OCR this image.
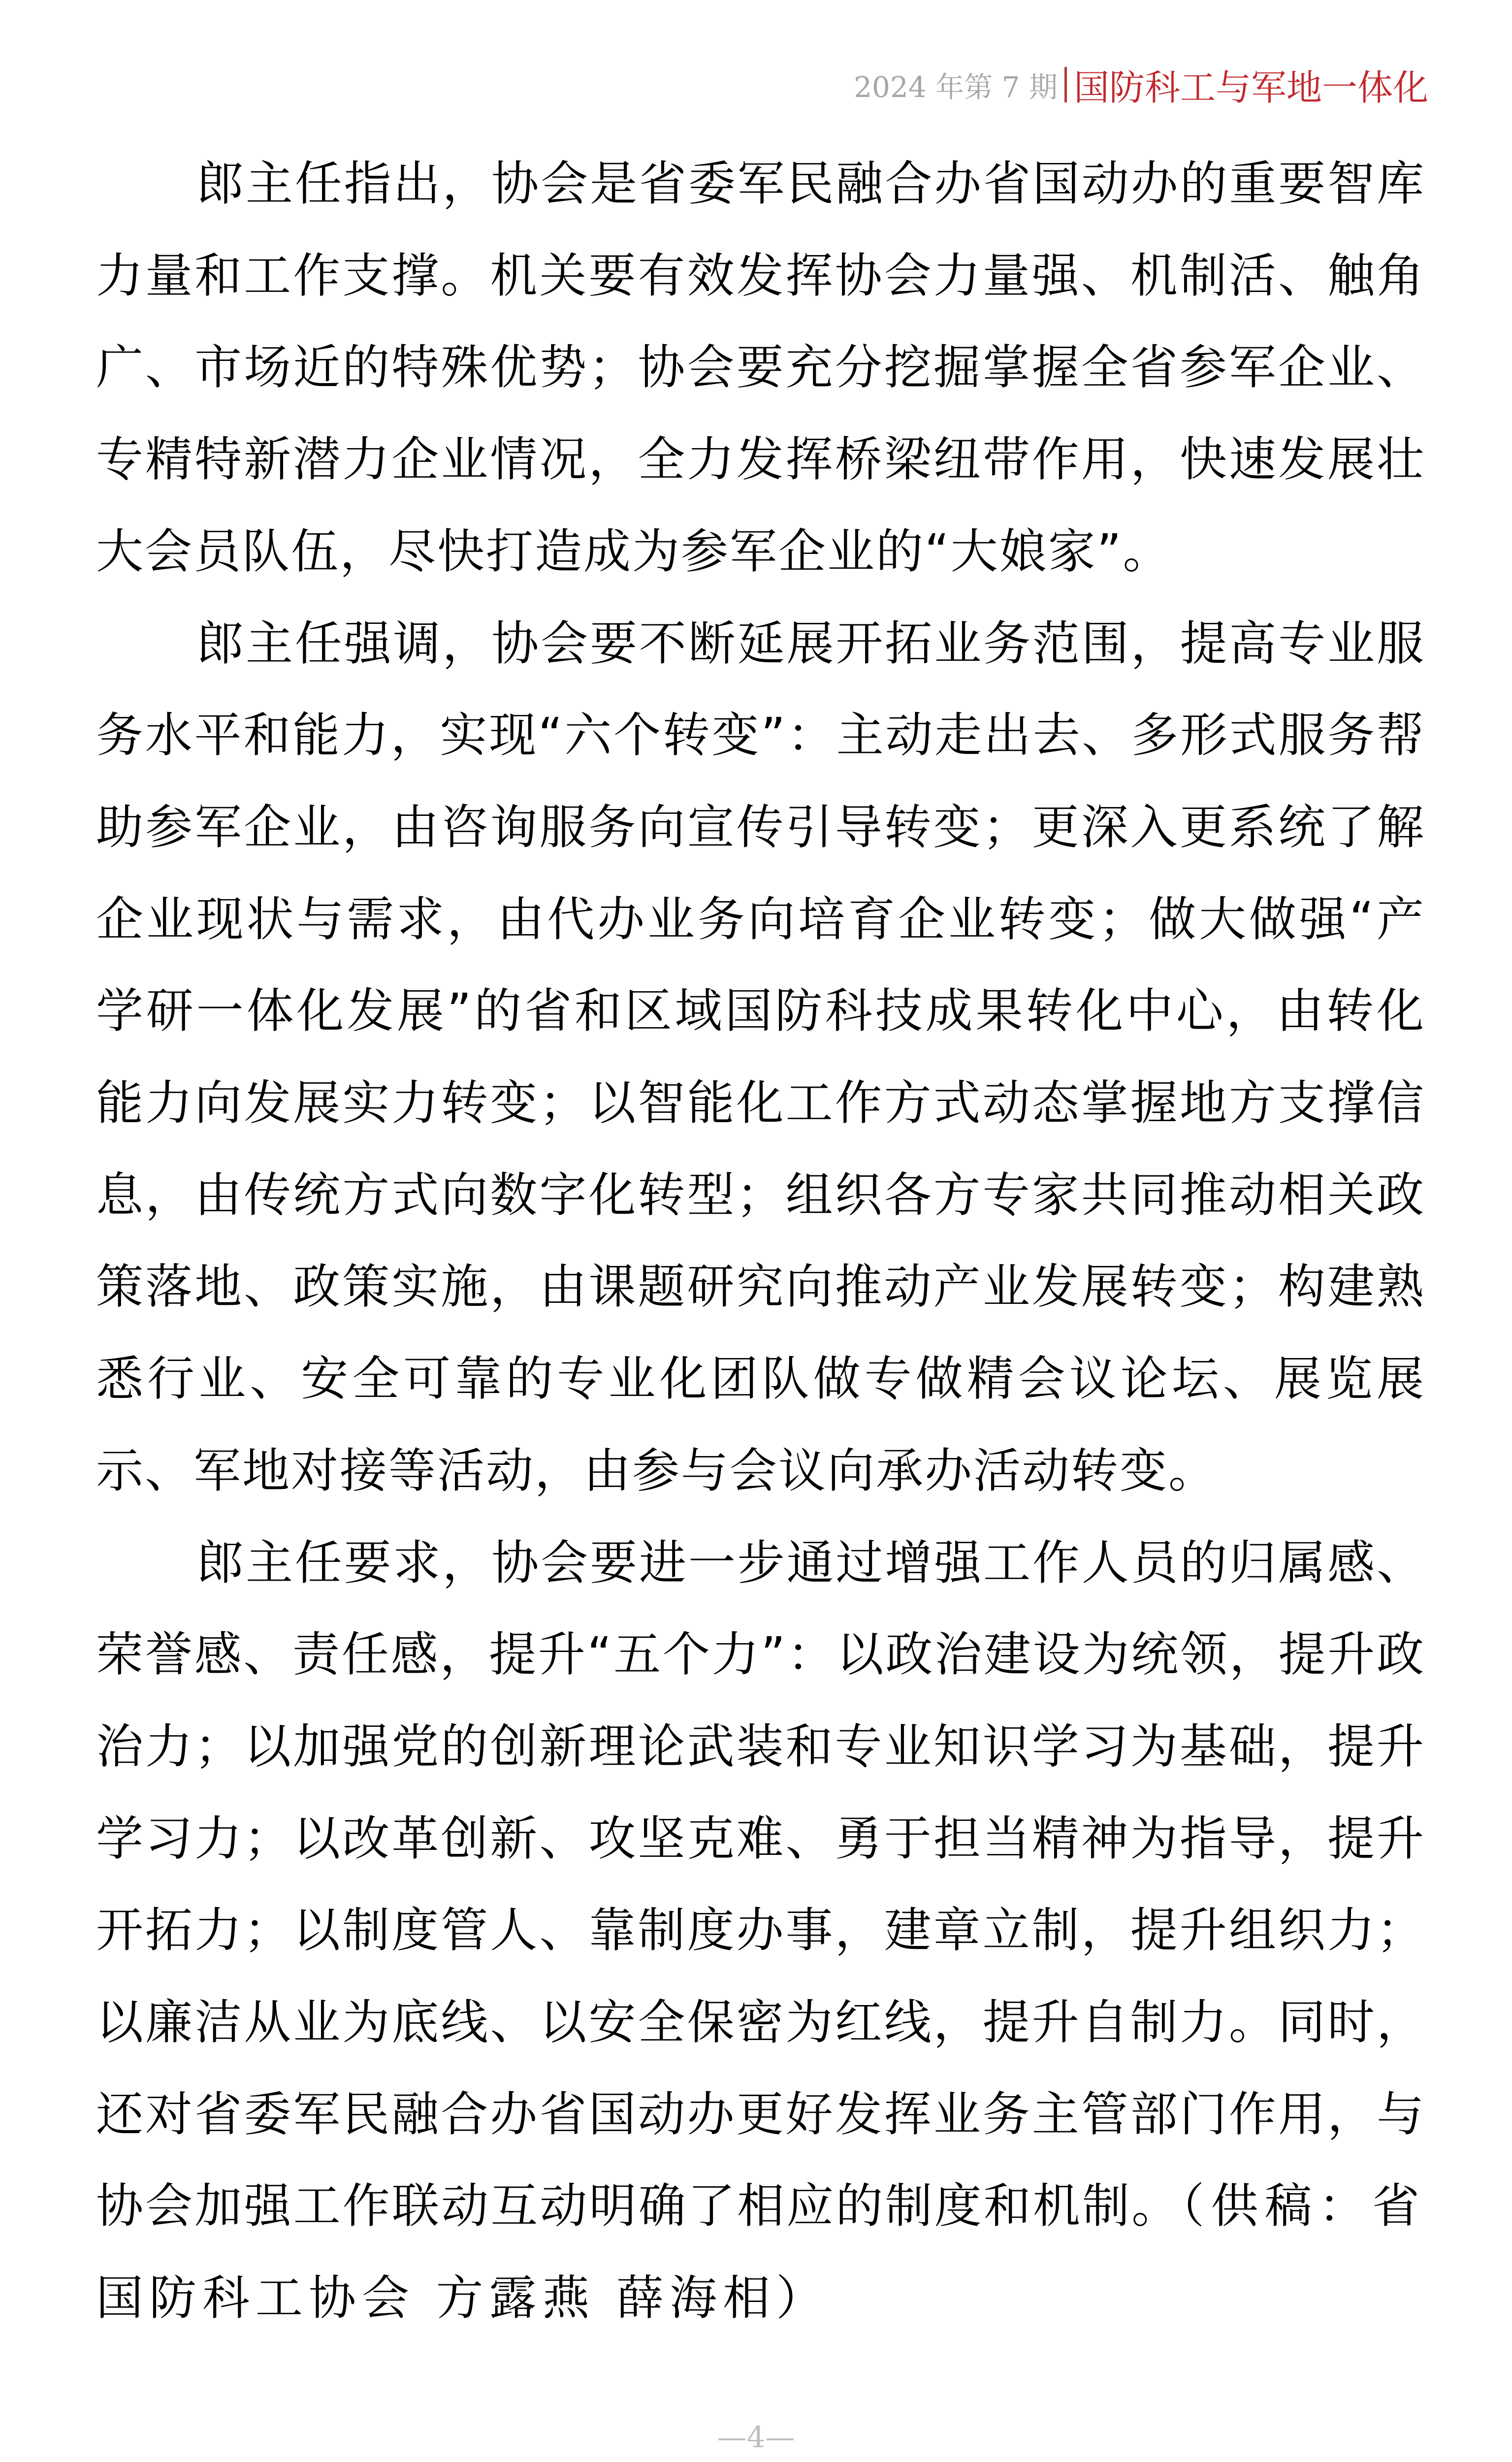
2024 年第 7 期 国防科工与军地一体化

郎主任指出，协会是省委军民融合办省国动办的重要智库力量和工作支撑。机关要有效发挥协会力量强、机制活、触角广、市场近的特殊优势；协会要充分挖掘掌握全省参军企业、专精特新潜力企业情况，全力发挥桥梁纽带作用，快速发展壮大会员队伍，尽快打造成为参军企业的“大娘家”。

郎主任强调，协会要不断延展开拓业务范围，提高专业服务水平和能力，实现“六个转变”：主动走出去、多形式服务帮助参军企业，由咨询服务向宣传引导转变；更深入更系统了解企业现状与需求，由代办业务向培育企业转变；做大做强“产学研一体化发展”的省和区域国防科技成果转化中心，由转化能力向发展实力转变；以智能化工作方式动态掌握地方支撑信息，由传统方式向数字化转型；组织各方专家共同推动相关政策落地、政策实施，由课题研究向推动产业发展转变；构建熟悉行业、安全可靠的专业化团队做专做精会议论坛、展览展示、军地对接等活动，由参与会议向承办活动转变。

郎主任要求，协会要进一步通过增强工作人员的归属感、荣誉感、责任感，提升“五个力”：以政治建设为统领，提升政治力；以加强党的创新理论武装和专业知识学习为基础，提升学习力；以改革创新、攻坚克难、勇于担当精神为指导，提升开拓力；以制度管人、靠制度办事，建章立制，提升组织力；以廉洁从业为底线、以安全保密为红线，提升自制力。同时，还对省委军民融合办省国动办更好发挥业务主管部门作用，与协会加强工作联动互动明确了相应的制度和机制。（供稿：省国防科工协会 方露燕 薛海相）

—4—
